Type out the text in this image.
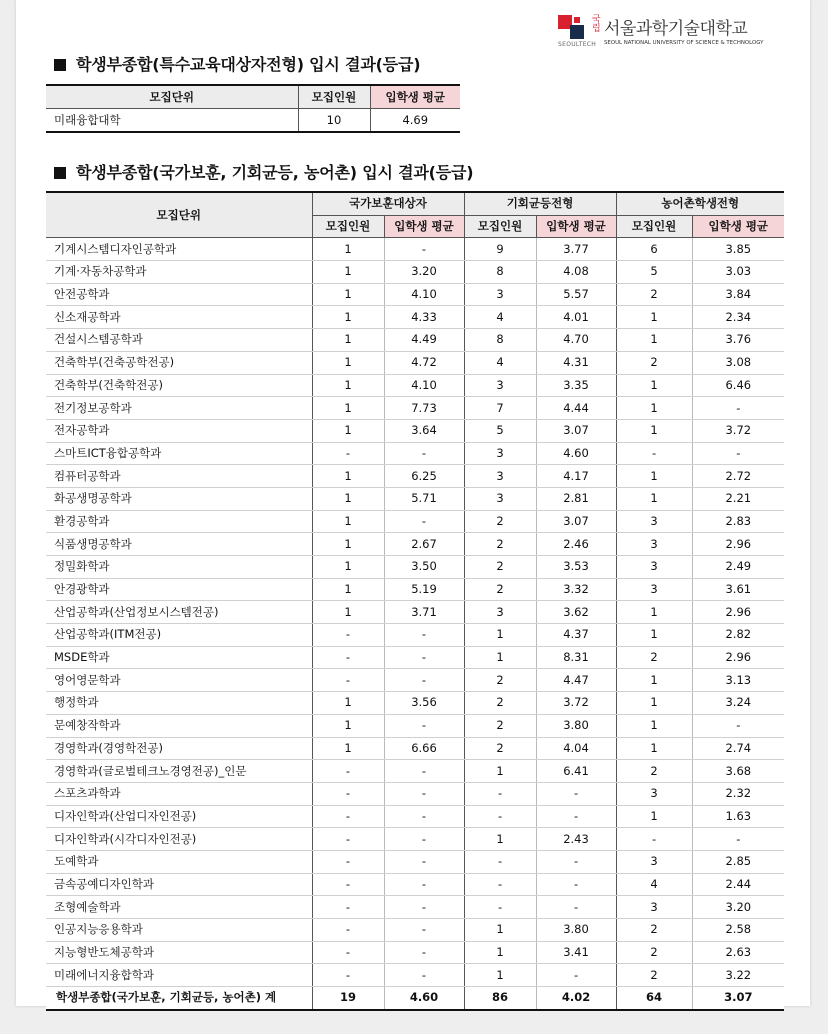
SEOULTECH
국립 서울과학기술대학교
SEOUL NATIONAL UNIVERSITY OF SCIENCE & TECHNOLOGY
학생부종합(특수교육대상자전형) 입시 결과(등급)
모집단위	모집인원	입학생 평균
미래융합대학	10	4.69
학생부종합(국가보훈, 기회균등, 농어촌) 입시 결과(등급)
모집단위	국가보훈대상자		기회균등전형		농어촌학생전형	
	모집인원	입학생 평균	모집인원	입학생 평균	모집인원	입학생 평균
기계시스템디자인공학과	1	-	9	3.77	6	3.85
기계·자동차공학과	1	3.20	8	4.08	5	3.03
안전공학과	1	4.10	3	5.57	2	3.84
신소재공학과	1	4.33	4	4.01	1	2.34
건설시스템공학과	1	4.49	8	4.70	1	3.76
건축학부(건축공학전공)	1	4.72	4	4.31	2	3.08
건축학부(건축학전공)	1	4.10	3	3.35	1	6.46
전기정보공학과	1	7.73	7	4.44	1	-
전자공학과	1	3.64	5	3.07	1	3.72
스마트ICT융합공학과	-	-	3	4.60	-	-
컴퓨터공학과	1	6.25	3	4.17	1	2.72
화공생명공학과	1	5.71	3	2.81	1	2.21
환경공학과	1	-	2	3.07	3	2.83
식품생명공학과	1	2.67	2	2.46	3	2.96
정밀화학과	1	3.50	2	3.53	3	2.49
안경광학과	1	5.19	2	3.32	3	3.61
산업공학과(산업정보시스템전공)	1	3.71	3	3.62	1	2.96
산업공학과(ITM전공)	-	-	1	4.37	1	2.82
MSDE학과	-	-	1	8.31	2	2.96
영어영문학과	-	-	2	4.47	1	3.13
행정학과	1	3.56	2	3.72	1	3.24
문예창작학과	1	-	2	3.80	1	-
경영학과(경영학전공)	1	6.66	2	4.04	1	2.74
경영학과(글로벌테크노경영전공)_인문	-	-	1	6.41	2	3.68
스포츠과학과	-	-	-	-	3	2.32
디자인학과(산업디자인전공)	-	-	-	-	1	1.63
디자인학과(시각디자인전공)	-	-	1	2.43	-	-
도예학과	-	-	-	-	3	2.85
금속공예디자인학과	-	-	-	-	4	2.44
조형예술학과	-	-	-	-	3	3.20
인공지능응용학과	-	-	1	3.80	2	2.58
지능형반도체공학과	-	-	1	3.41	2	2.63
미래에너지융합학과	-	-	1	-	2	3.22
학생부종합(국가보훈, 기회균등, 농어촌) 계	19	4.60	86	4.02	64	3.07
